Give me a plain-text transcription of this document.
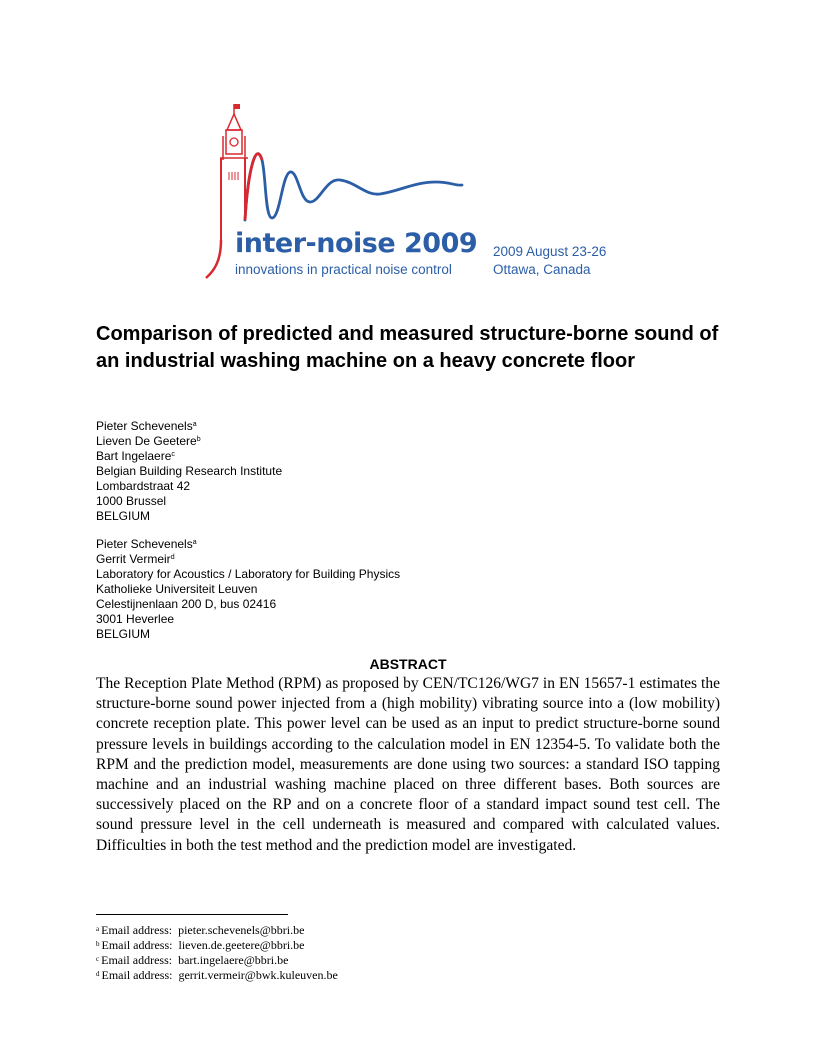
inter-noise 2009
innovations in practical noise control
2009 August 23-26
Ottawa, Canada
Comparison of predicted and measured structure-borne sound of an industrial washing machine on a heavy concrete floor
Pieter Schevenels$^a$
Lieven De Geetere$^b$
Bart Ingelaere$^c$
Belgian Building Research Institute
Lombardstraat 42
1000 Brussel
BELGIUM
Pieter Schevenels$^a$
Gerrit Vermeir$^d$
Laboratory for Acoustics / Laboratory for Building Physics
Katholieke Universiteit Leuven
Celestijnenlaan 200 D, bus 02416
3001 Heverlee
BELGIUM
ABSTRACT

The Reception Plate Method (RPM) as proposed by CEN/TC126/WG7 in EN 15657-1 estimates the structure-borne sound power injected from a (high mobility) vibrating source into a (low mobility) concrete reception plate. This power level can be used as an input to predict structure-borne sound pressure levels in buildings according to the calculation model in EN 12354-5. To validate both the RPM and the prediction model, measurements are done using two sources: a standard ISO tapping machine and an industrial washing machine placed on three different bases. Both sources are successively placed on the RP and on a concrete floor of a standard impact sound test cell. The sound pressure level in the cell underneath is measured and compared with calculated values. Difficulties in both the test method and the prediction model are investigated.

$^a$ Email address: pieter.schevenels@bbri.be
$^b$ Email address: lieven.de.geetere@bbri.be
$^c$ Email address: bart.ingelaere@bbri.be
$^d$ Email address: gerrit.vermeir@bwk.kuleuven.be
